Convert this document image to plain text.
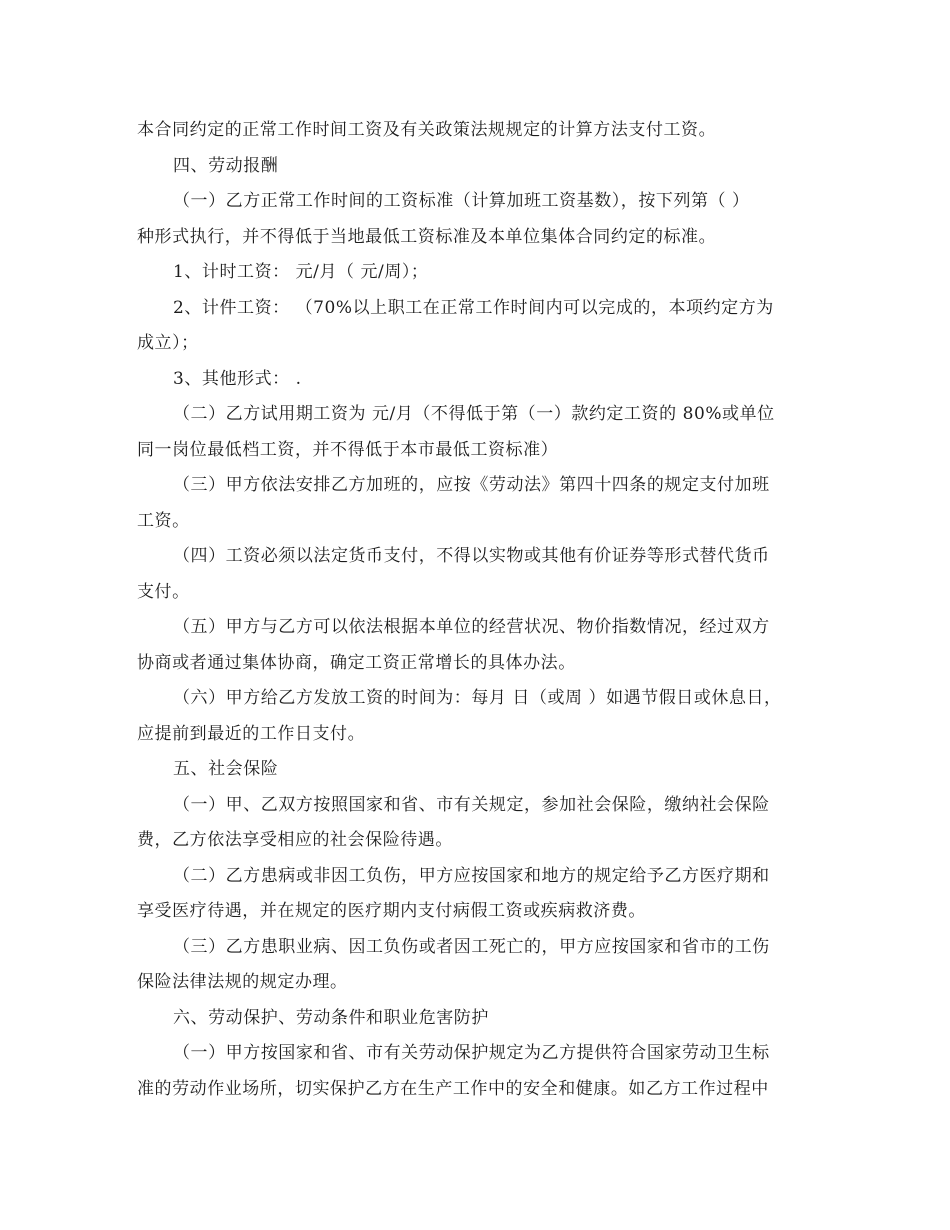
本合同约定的正常工作时间工资及有关政策法规规定的计算方法支付工资。
四、劳动报酬
（一）乙方正常工作时间的工资标准（计算加班工资基数），按下列第（ ）
种形式执行，并不得低于当地最低工资标准及本单位集体合同约定的标准。
1、计时工资： 元/月（ 元/周）；
2、计件工资： （70%以上职工在正常工作时间内可以完成的，本项约定方为
成立）；
3、其他形式： .
（二）乙方试用期工资为 元/月（不得低于第（一）款约定工资的 80%或单位
同一岗位最低档工资，并不得低于本市最低工资标准）
（三）甲方依法安排乙方加班的，应按《劳动法》第四十四条的规定支付加班
工资。
（四）工资必须以法定货币支付，不得以实物或其他有价证券等形式替代货币
支付。
（五）甲方与乙方可以依法根据本单位的经营状况、物价指数情况，经过双方
协商或者通过集体协商，确定工资正常增长的具体办法。
（六）甲方给乙方发放工资的时间为：每月 日（或周 ）如遇节假日或休息日，
应提前到最近的工作日支付。
五、社会保险
（一）甲、乙双方按照国家和省、市有关规定，参加社会保险，缴纳社会保险
费，乙方依法享受相应的社会保险待遇。
（二）乙方患病或非因工负伤，甲方应按国家和地方的规定给予乙方医疗期和
享受医疗待遇，并在规定的医疗期内支付病假工资或疾病救济费。
（三）乙方患职业病、因工负伤或者因工死亡的，甲方应按国家和省市的工伤
保险法律法规的规定办理。
六、劳动保护、劳动条件和职业危害防护
（一）甲方按国家和省、市有关劳动保护规定为乙方提供符合国家劳动卫生标
准的劳动作业场所，切实保护乙方在生产工作中的安全和健康。如乙方工作过程中
